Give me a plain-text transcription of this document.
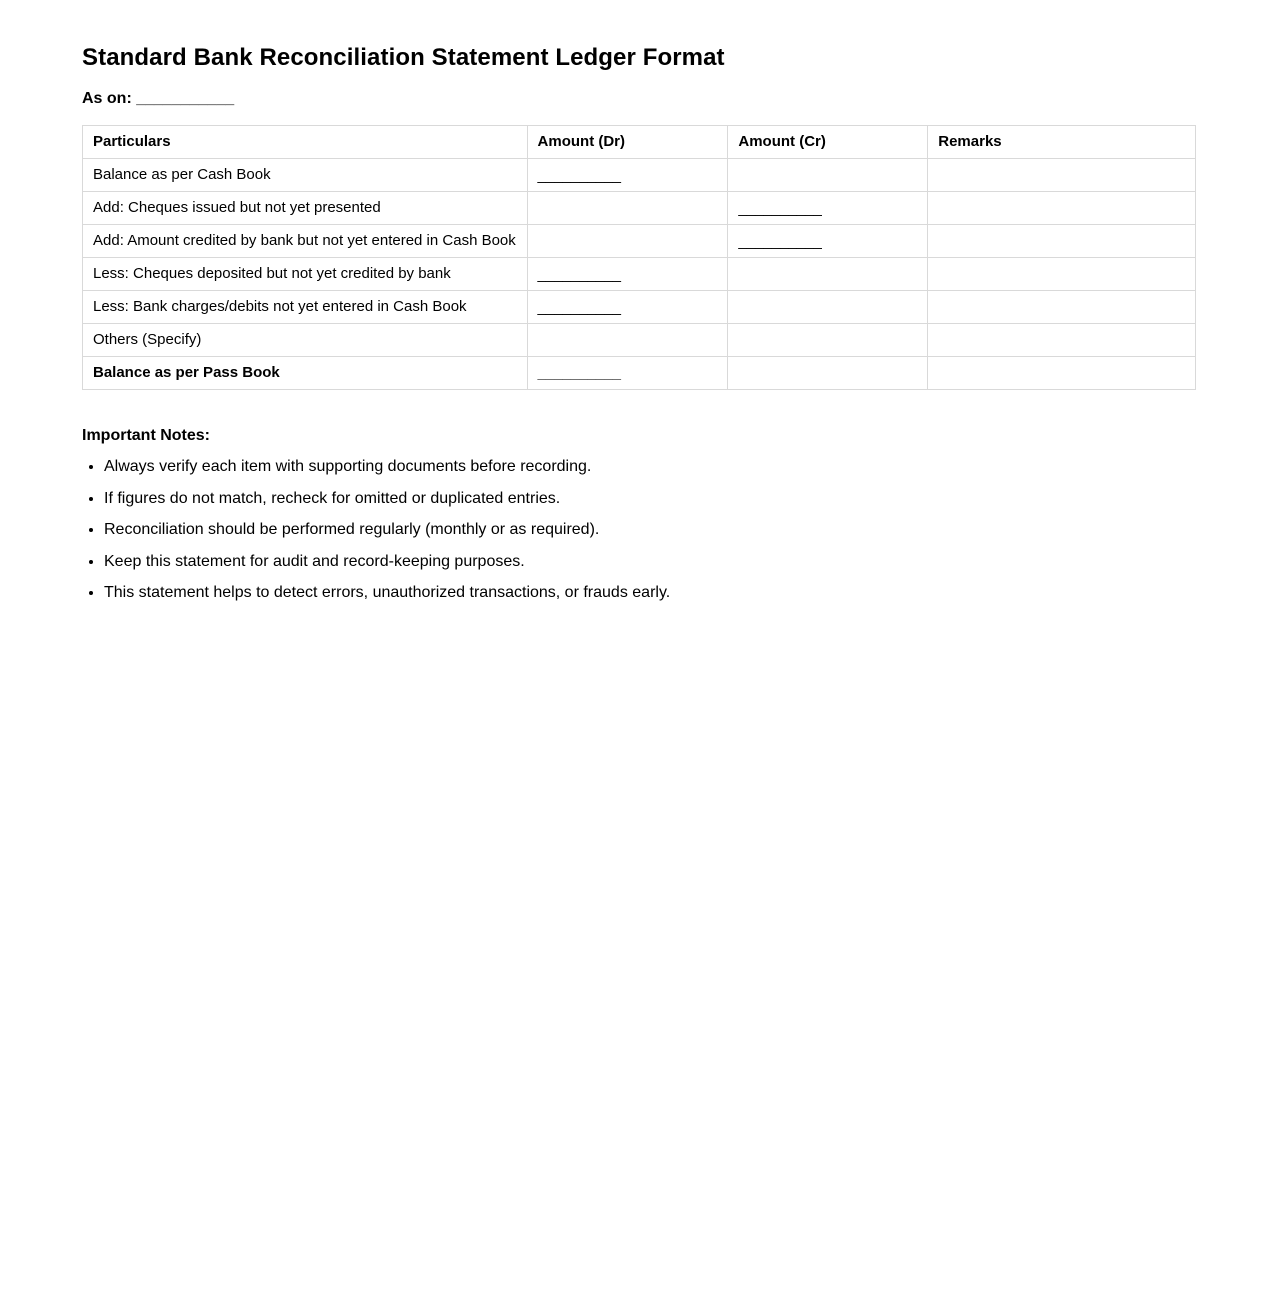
Standard Bank Reconciliation Statement Ledger Format
As on: ___________
Particulars	Amount (Dr)	Amount (Cr)	Remarks
Balance as per Cash Book	__________		
Add: Cheques issued but not yet presented		__________	
Add: Amount credited by bank but not yet entered in Cash Book		__________	
Less: Cheques deposited but not yet credited by bank	__________		
Less: Bank charges/debits not yet entered in Cash Book	__________		
Others (Specify)			
Balance as per Pass Book	__________		
Important Notes:
• Always verify each item with supporting documents before recording.
• If figures do not match, recheck for omitted or duplicated entries.
• Reconciliation should be performed regularly (monthly or as required).
• Keep this statement for audit and record-keeping purposes.
• This statement helps to detect errors, unauthorized transactions, or frauds early.
